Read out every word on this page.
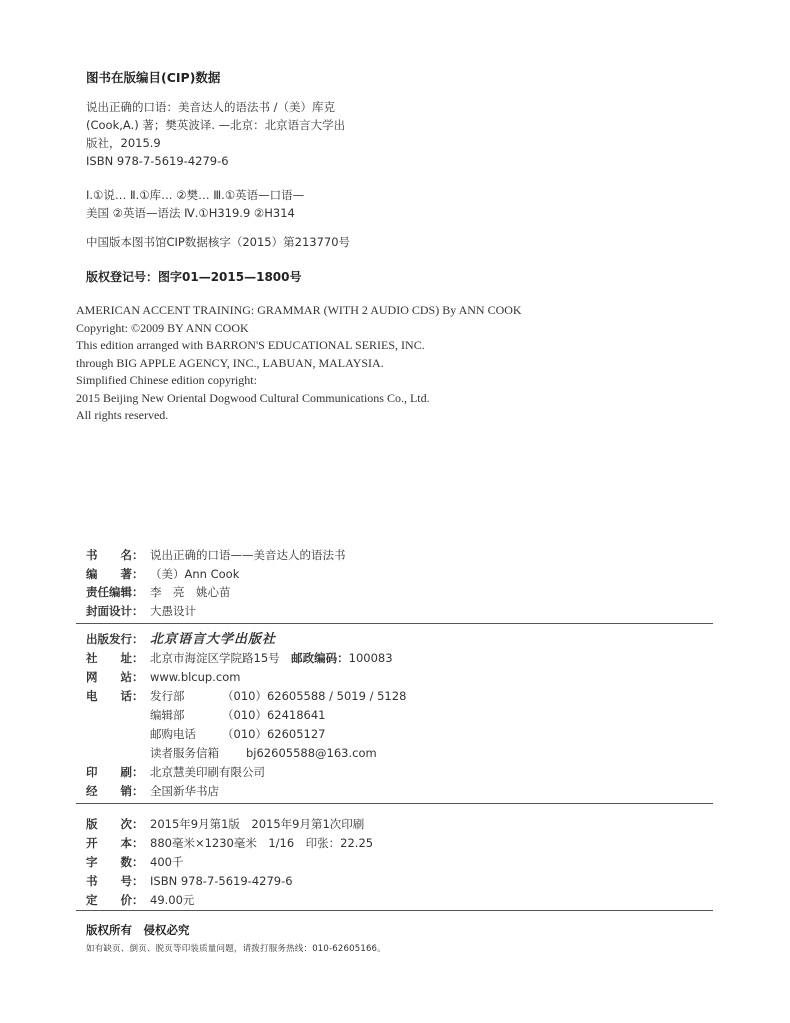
图书在版编目(CIP)数据
说出正确的口语：美音达人的语法书 /（美）库克
(Cook,A.) 著；樊英波译. —北京：北京语言大学出
版社，2015.9
ISBN 978-7-5619-4279-6
Ⅰ.①说… Ⅱ.①库… ②樊… Ⅲ.①英语—口语—
美国 ②英语—语法 Ⅳ.①H319.9 ②H314
中国版本图书馆CIP数据核字（2015）第213770号
版权登记号：图字01—2015—1800号
AMERICAN ACCENT TRAINING: GRAMMAR (WITH 2 AUDIO CDS) By ANN COOK
Copyright: ©2009 BY ANN COOK
This edition arranged with BARRON'S EDUCATIONAL SERIES, INC.
through BIG APPLE AGENCY, INC., LABUAN, MALAYSIA.
Simplified Chinese edition copyright:
2015 Beijing New Oriental Dogwood Cultural Communications Co., Ltd.
All rights reserved.
书　　名： 说出正确的口语——美音达人的语法书
编　　著： （美）Ann Cook
责任编辑： 李　亮　姚心苗
封面设计： 大愚设计
出版发行： 北京语言大学出版社
社　　址： 北京市海淀区学院路15号　 邮政编码： 100083
网　　站： www.blcup.com
电　　话： 发行部	（010）62605588 / 5019 / 5128
编辑部	（010）62418641
邮购电话	（010）62605127
读者服务信箱	bj62605588@163.com
印　　刷： 北京慧美印刷有限公司
经　　销： 全国新华书店
版　　次： 2015年9月第1版　2015年9月第1次印刷
开　　本： 880毫米×1230毫米　1/16　印张：22.25
字　　数： 400千
书　　号： ISBN 978-7-5619-4279-6
定　　价： 49.00元
版权所有　侵权必究
如有缺页、倒页、脱页等印装质量问题，请拨打服务热线：010-62605166。
